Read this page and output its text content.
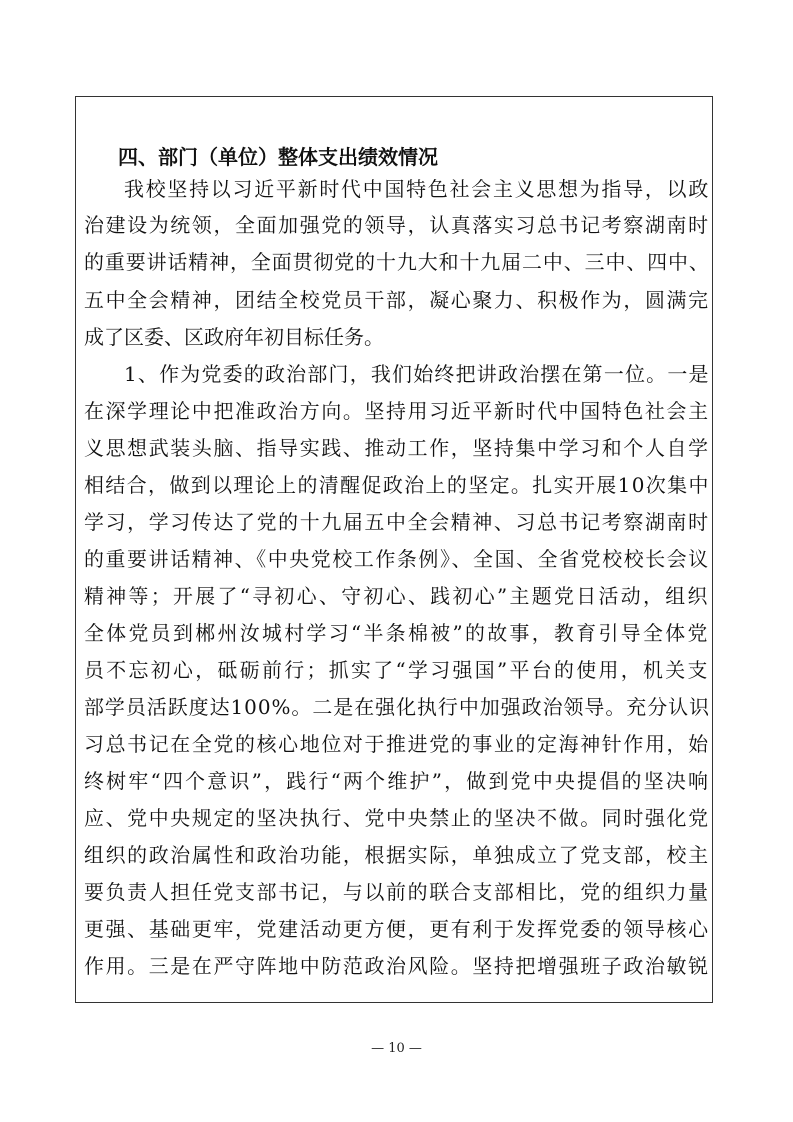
四、部门（单位）整体支出绩效情况
我校坚持以习近平新时代中国特色社会主义思想为指导，以政
治建设为统领，全面加强党的领导，认真落实习总书记考察湖南时
的重要讲话精神，全面贯彻党的十九大和十九届二中、三中、四中、
五中全会精神，团结全校党员干部，凝心聚力、积极作为，圆满完
成了区委、区政府年初目标任务。
1、作为党委的政治部门，我们始终把讲政治摆在第一位。一是
在深学理论中把准政治方向。坚持用习近平新时代中国特色社会主
义思想武装头脑、指导实践、推动工作，坚持集中学习和个人自学
相结合，做到以理论上的清醒促政治上的坚定。扎实开展10次集中
学习，学习传达了党的十九届五中全会精神、习总书记考察湖南时
的重要讲话精神、《中央党校工作条例》、全国、全省党校校长会议
精神等；开展了“寻初心、守初心、践初心”主题党日活动，组织
全体党员到郴州汝城村学习“半条棉被”的故事，教育引导全体党
员不忘初心，砥砺前行；抓实了“学习强国”平台的使用，机关支
部学员活跃度达100%。二是在强化执行中加强政治领导。充分认识
习总书记在全党的核心地位对于推进党的事业的定海神针作用，始
终树牢“四个意识”，践行“两个维护”，做到党中央提倡的坚决响
应、党中央规定的坚决执行、党中央禁止的坚决不做。同时强化党
组织的政治属性和政治功能，根据实际，单独成立了党支部，校主
要负责人担任党支部书记，与以前的联合支部相比，党的组织力量
更强、基础更牢，党建活动更方便，更有利于发挥党委的领导核心
作用。三是在严守阵地中防范政治风险。坚持把增强班子政治敏锐
— 10 —
